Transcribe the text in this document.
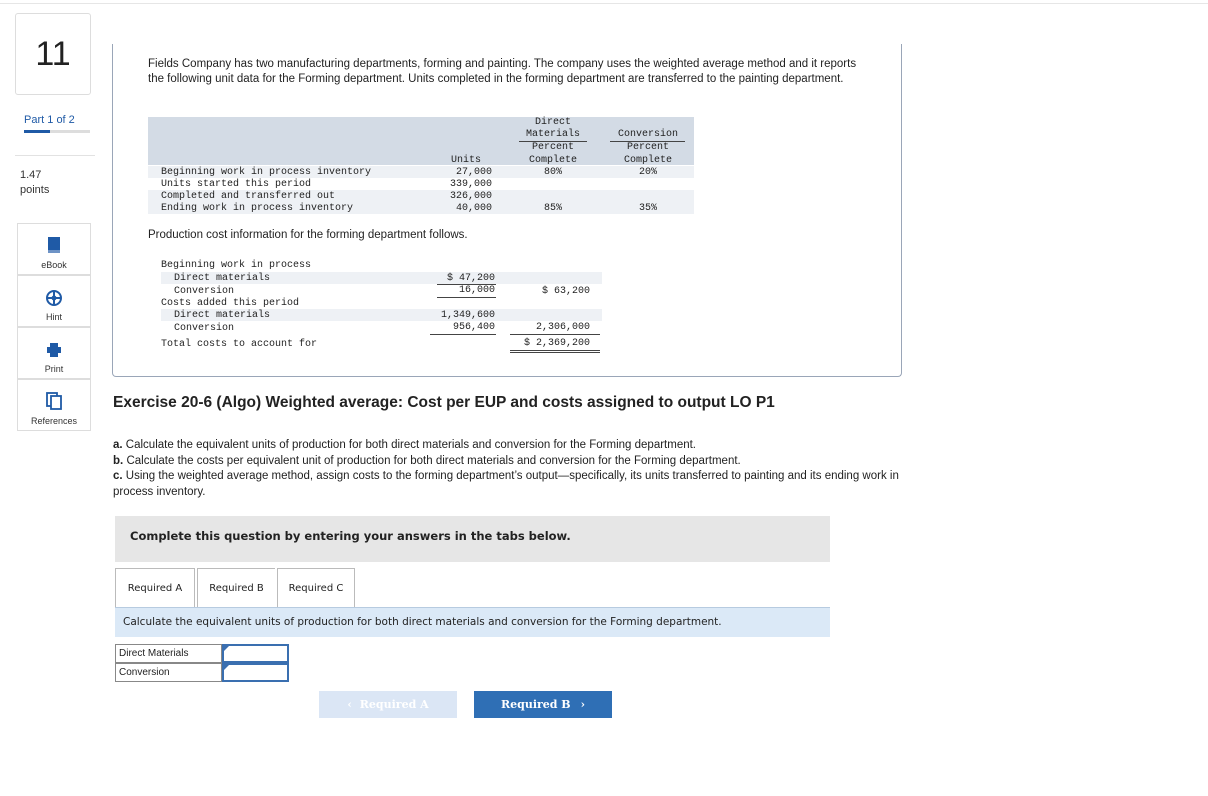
11
Part 1 of 2
1.47
points
eBook
Hint
Print
References
Fields Company has two manufacturing departments, forming and painting. The company uses the weighted average method and it reports the following unit data for the Forming department. Units completed in the forming department are transferred to the painting department.
Direct
Materials
Percent
Complete
Conversion
Percent
Complete
Units
Beginning work in process inventory	27,000	80%	20%
Units started this period	339,000
Completed and transferred out	326,000
Ending work in process inventory	40,000	85%	35%
Production cost information for the forming department follows.
Beginning work in process
Direct materials	$ 47,200
Conversion	16,000	$ 63,200
Costs added this period
Direct materials	1,349,600
Conversion	956,400	2,306,000
Total costs to account for	$ 2,369,200
Exercise 20-6 (Algo) Weighted average: Cost per EUP and costs assigned to output LO P1
a. Calculate the equivalent units of production for both direct materials and conversion for the Forming department.
b. Calculate the costs per equivalent unit of production for both direct materials and conversion for the Forming department.
c. Using the weighted average method, assign costs to the forming department’s output—specifically, its units transferred to painting and its ending work in process inventory.
Complete this question by entering your answers in the tabs below.
Required A	Required B	Required C
Calculate the equivalent units of production for both direct materials and conversion for the Forming department.
Direct Materials
Conversion
‹ Required A	Required B ›
